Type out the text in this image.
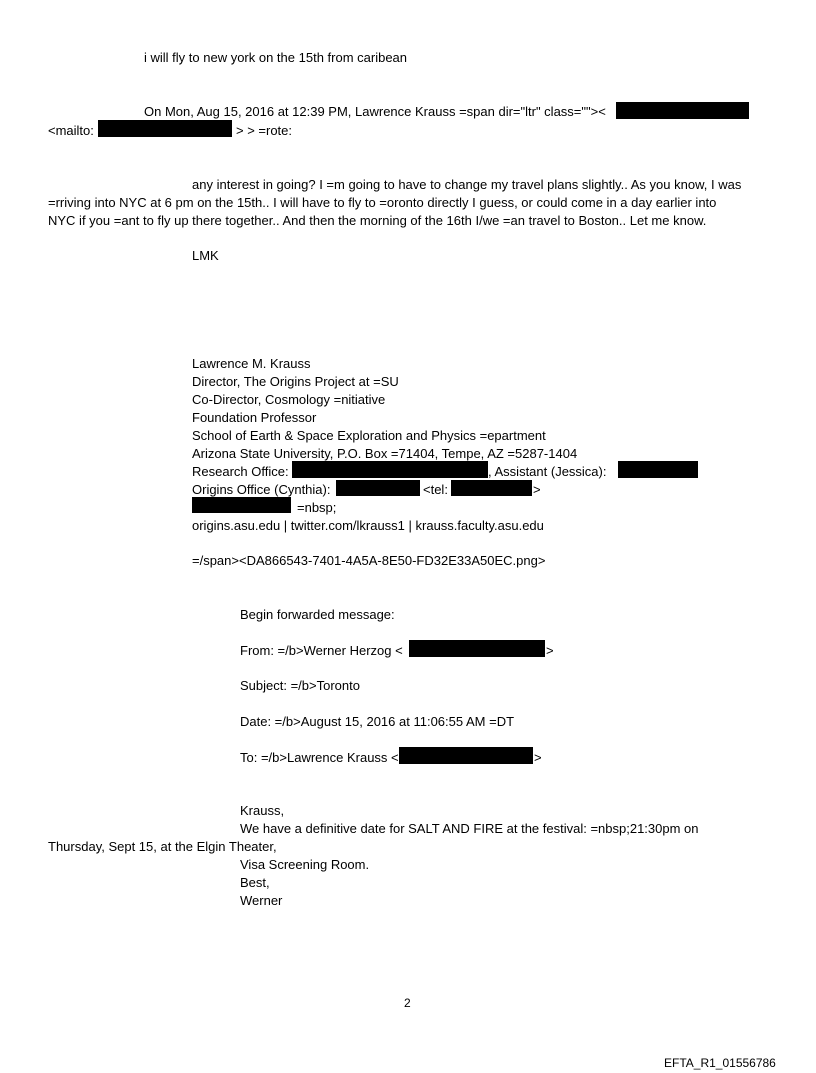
i will fly to new york on the 15th from caribean
On Mon, Aug 15, 2016 at 12:39 PM, Lawrence Krauss =span dir="ltr" class=""><
<mailto:	> > =rote:
any interest in going? I =m going to have to change my travel plans slightly.. As you know, I was
=rriving into NYC at 6 pm on the 15th.. I will have to fly to =oronto directly I guess, or could come in a day earlier into
NYC if you =ant to fly up there together.. And then the morning of the 16th I/we =an travel to Boston.. Let me know.
LMK
Lawrence M. Krauss
Director, The Origins Project at =SU
Co-Director, Cosmology =nitiative
Foundation Professor
School of Earth & Space Exploration and Physics =epartment
Arizona State University, P.O. Box =71404, Tempe, AZ =5287-1404
Research Office:	, Assistant (Jessica):
Origins Office (Cynthia):	<tel:	>
=nbsp;
origins.asu.edu | twitter.com/lkrauss1 | krauss.faculty.asu.edu
=/span><DA866543-7401-4A5A-8E50-FD32E33A50EC.png>
Begin forwarded message:
From: =/b>Werner Herzog <	>
Subject: =/b>Toronto
Date: =/b>August 15, 2016 at 11:06:55 AM =DT
To: =/b>Lawrence Krauss <	>
Krauss,
We have a definitive date for SALT AND FIRE at the festival: =nbsp;21:30pm on
Thursday, Sept 15, at the Elgin Theater,
Visa Screening Room.
Best,
Werner
2
EFTA_R1_01556786
